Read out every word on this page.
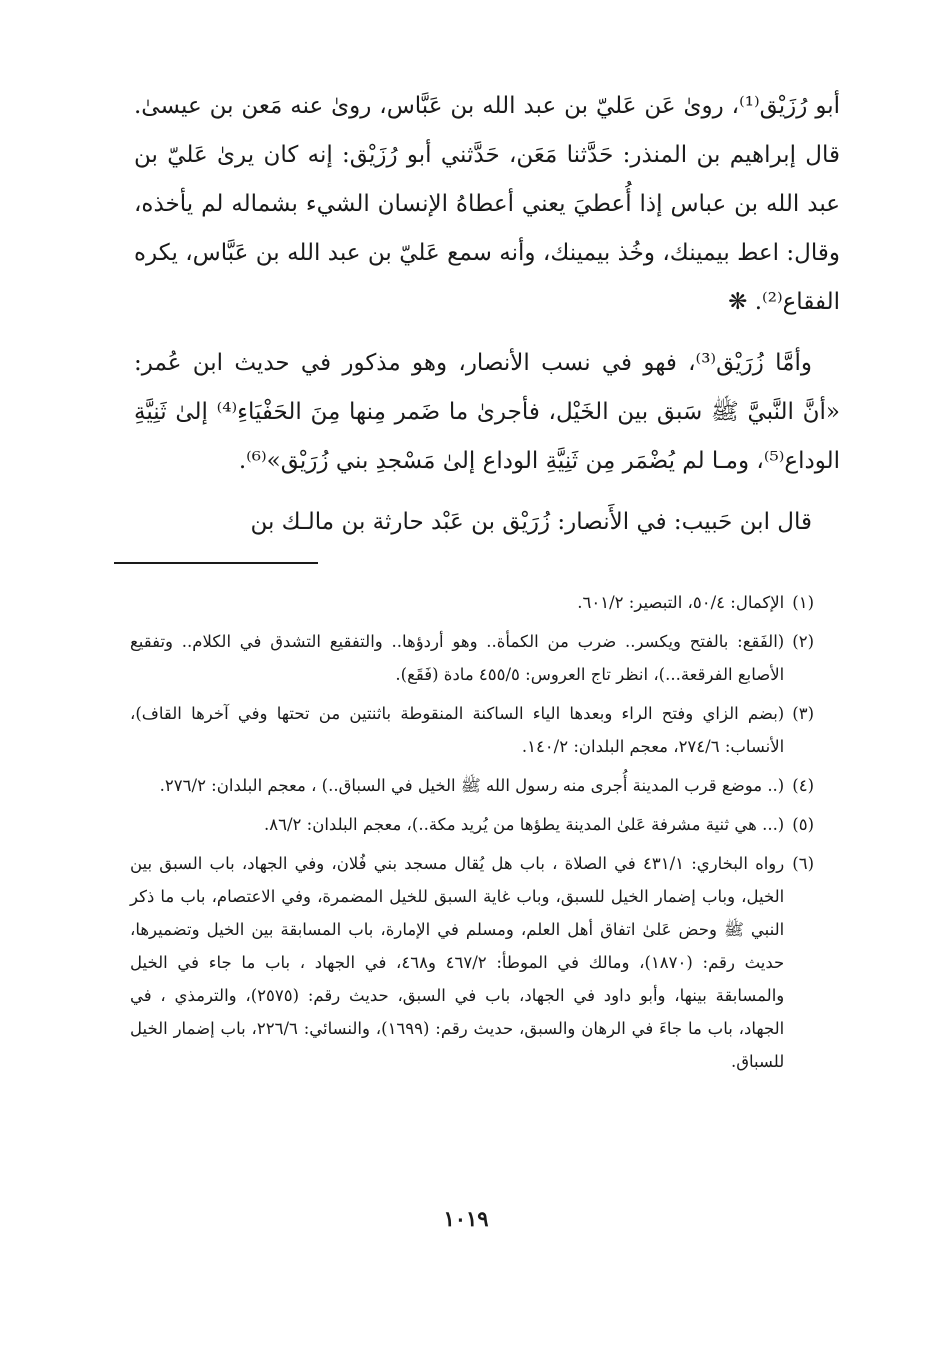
أبو رُزَيْق⁽¹⁾، روىٰ عَن عَليّ بن عبد الله بن عَبَّاس، روىٰ عنه مَعن بن عيسىٰ. قال إبراهيم بن المنذر: حَدَّثنا مَعَن، حَدَّثني أبو رُزَيْق: إنه كان يرىٰ عَليّ بن عبد الله بن عباس إذا أُعطيَ يعني أعطاهُ الإنسان الشيء بشماله لم يأخذه، وقال: اعط بيمينك، وخُذ بيمينك، وأنه سمع عَليّ بن عبد الله بن عَبَّاس، يكره الفقاع⁽²⁾. ❋

وأمَّا زُرَيْق⁽³⁾، فهو في نسب الأنصار، وهو مذكور في حديث ابن عُمر: «أنَّ النَّبيَّ ﷺ سَبق بين الخَيْل، فأجرىٰ ما ضَمر مِنها مِنَ الحَفْيَاءِ⁽⁴⁾ إلىٰ ثَنِيَّةِ الوداع⁽⁵⁾، ومـا لم يُضْمَر مِن ثَنِيَّةِ الوداع إلىٰ مَسْجدِ بني زُرَيْق»⁽⁶⁾.

قال ابن حَبيب: في الأَنصار: زُرَيْق بن عَبْد حارثة بن مالـك بن

(١)
الإكمال: ٥٠/٤، التبصير: ٦٠١/٢.
(٢)
(الفَقع: بالفتح ويكسر.. ضرب من الكمأة.. وهو أردؤها.. والتفقيع التشدق في الكلام.. وتفقيع الأصابع الفرقعة...)، انظر تاج العروس: ٤٥٥/٥ مادة (فَقَع).
(٣)
(بضم الزاي وفتح الراء وبعدها الياء الساكنة المنقوطة باثنتين من تحتها وفي آخرها القاف)، الأنساب: ٢٧٤/٦، معجم البلدان: ١٤٠/٢.
(٤)
(.. موضع قرب المدينة أُجرى منه رسول الله ﷺ الخيل في السباق..) ، معجم البلدان: ٢٧٦/٢.
(٥)
(... هي ثنية مشرفة عَلىٰ المدينة يطؤها من يُريد مكة..)، معجم البلدان: ٨٦/٢.
(٦)
رواه البخاري: ٤٣١/١ في الصلاة ، باب هل يُقال مسجد بني فُلان، وفي الجهاد، باب السبق بين الخيل، وباب إضمار الخيل للسبق، وباب غاية السبق للخيل المضمرة، وفي الاعتصام، باب ما ذكر النبي ﷺ وحض عَلىٰ اتفاق أهل العلم، ومسلم في الإمارة، باب المسابقة بين الخيل وتضميرها، حديث رقم: (١٨٧٠)، ومالك في الموطأ: ٤٦٧/٢ و٤٦٨، في الجهاد ، باب ما جاء في الخيل والمسابقة بينها، وأبو داود في الجهاد، باب في السبق، حديث رقم: (٢٥٧٥)، والترمذي ، في الجهاد، باب ما جاءَ في الرهان والسبق، حديث رقم: (١٦٩٩)، والنسائي: ٢٢٦/٦، باب إضمار الخيل للسباق.
١٠١٩
